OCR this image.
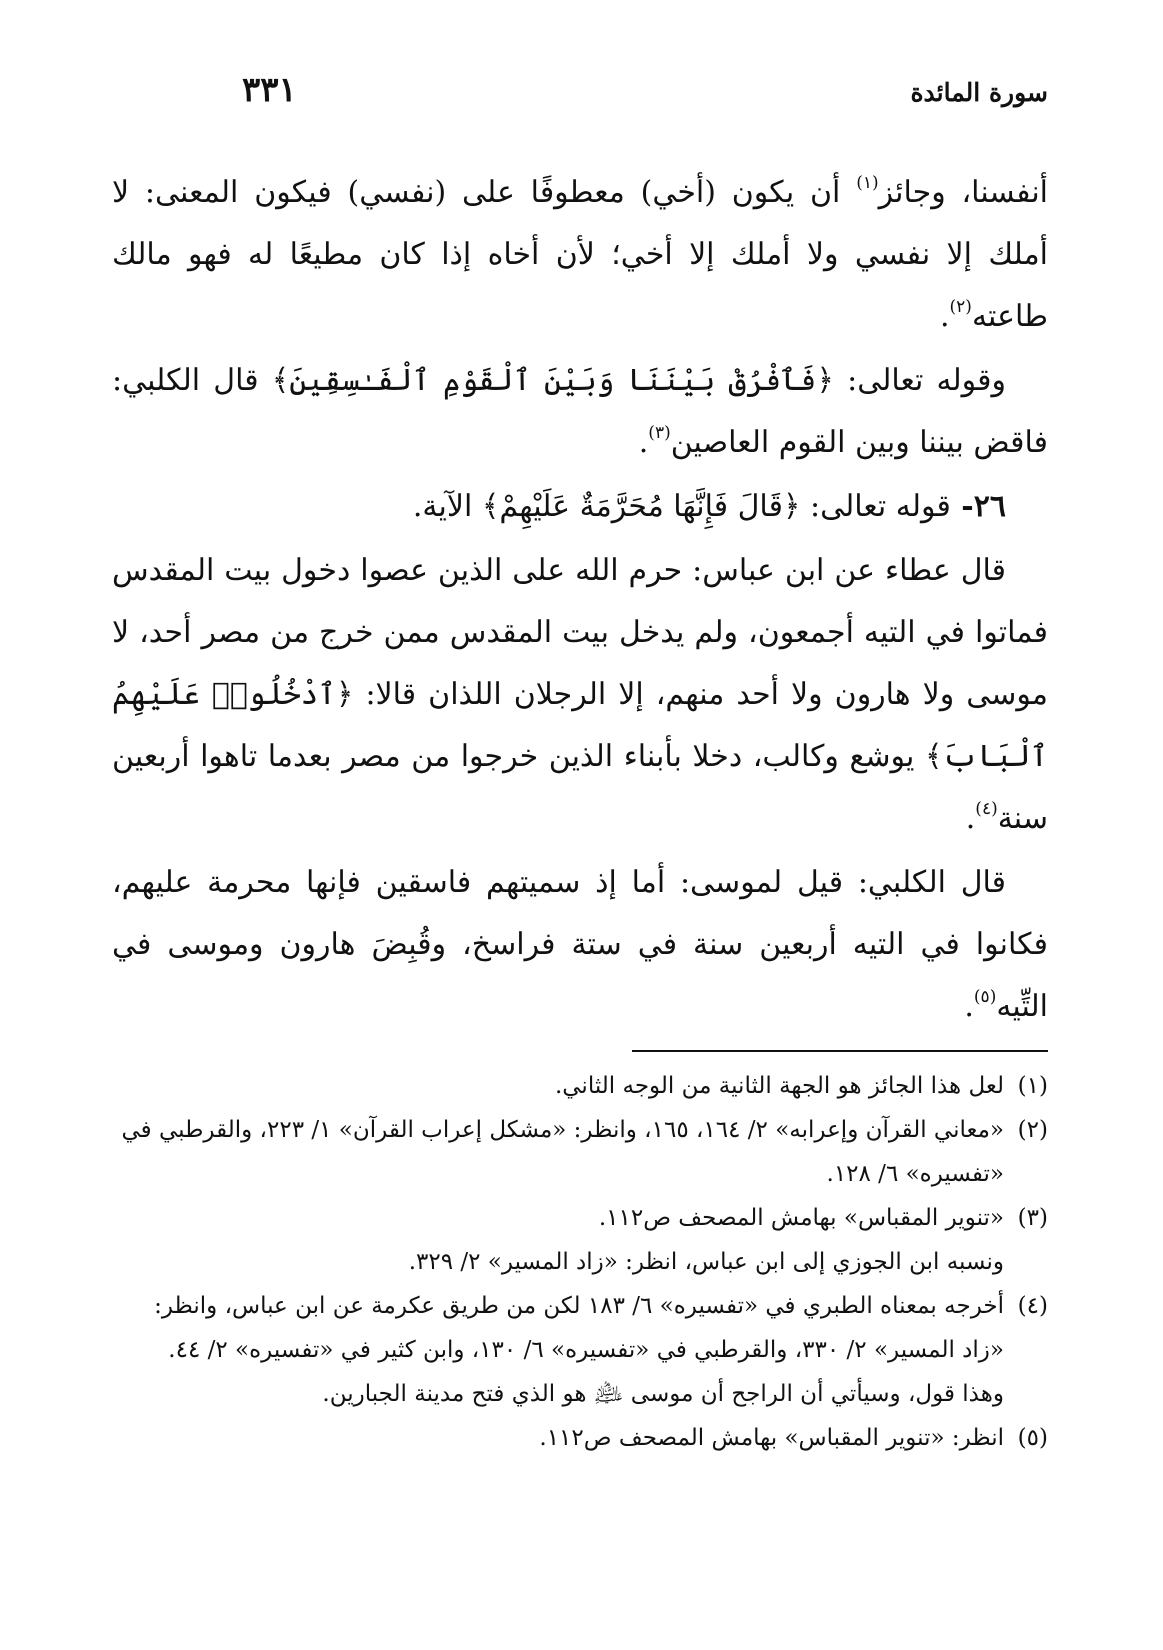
سورة المائدة
٣٣١

أنفسنا، وجائز$^{(١)}$ أن يكون (أخي) معطوفًا على (نفسي) فيكون المعنى: لا أملك إلا نفسي ولا أملك إلا أخي؛ لأن أخاه إذا كان مطيعًا له فهو مالك طاعته$^{(٢)}$.

وقوله تعالى: ﴿فَٱفْرُقْ بَيْنَنَا وَبَيْنَ ٱلْقَوْمِ ٱلْفَـٰسِقِينَ﴾ قال الكلبي: فاقض بيننا وبين القوم العاصين$^{(٣)}$.

٢٦- قوله تعالى: ﴿قَالَ فَإِنَّهَا مُحَرَّمَةٌ عَلَيْهِمْ﴾ الآية.

قال عطاء عن ابن عباس: حرم الله على الذين عصوا دخول بيت المقدس فماتوا في التيه أجمعون، ولم يدخل بيت المقدس ممن خرج من مصر أحد، لا موسى ولا هارون ولا أحد منهم، إلا الرجلان اللذان قالا: ﴿ٱدْخُلُوا۟ عَلَيْهِمُ ٱلْبَابَ﴾ يوشع وكالب، دخلا بأبناء الذين خرجوا من مصر بعدما تاهوا أربعين سنة$^{(٤)}$.

قال الكلبي: قيل لموسى: أما إذ سميتهم فاسقين فإنها محرمة عليهم، فكانوا في التيه أربعين سنة في ستة فراسخ، وقُبِضَ هارون وموسى في التِّيه$^{(٥)}$.

(١)
لعل هذا الجائز هو الجهة الثانية من الوجه الثاني.
(٢)
«معاني القرآن وإعرابه» ٢/ ١٦٤، ١٦٥، وانظر: «مشكل إعراب القرآن» ١/ ٢٢٣، والقرطبي في «تفسيره» ٦/ ١٢٨.
(٣)
«تنوير المقباس» بهامش المصحف ص١١٢.
ونسبه ابن الجوزي إلى ابن عباس، انظر: «زاد المسير» ٢/ ٣٢٩.
(٤)
أخرجه بمعناه الطبري في «تفسيره» ٦/ ١٨٣ لكن من طريق عكرمة عن ابن عباس، وانظر: «زاد المسير» ٢/ ٣٣٠، والقرطبي في «تفسيره» ٦/ ١٣٠، وابن كثير في «تفسيره» ٢/ ٤٤.
وهذا قول، وسيأتي أن الراجح أن موسى ﵇ هو الذي فتح مدينة الجبارين.
(٥)
انظر: «تنوير المقباس» بهامش المصحف ص١١٢.
